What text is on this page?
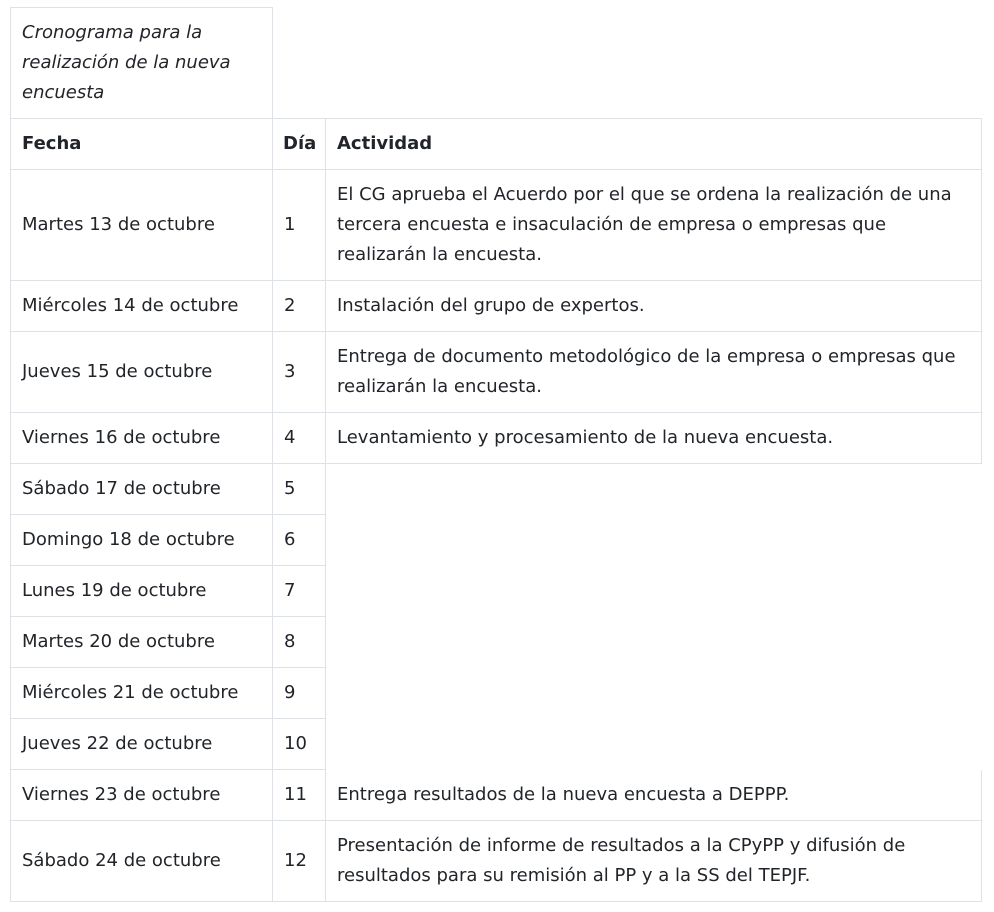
Cronograma para la realización de la nueva encuesta		

Fecha	Día	Actividad
Martes 13 de octubre	1	El CG aprueba el Acuerdo por el que se ordena la realización de una tercera encuesta e insaculación de empresa o empresas que realizarán la encuesta.
Miércoles 14 de octubre	2	Instalación del grupo de expertos.
Jueves 15 de octubre	3	Entrega de documento metodológico de la empresa o empresas que realizarán la encuesta.
Viernes 16 de octubre	4	Levantamiento y procesamiento de la nueva encuesta.
Sábado 17 de octubre	5	
Domingo 18 de octubre	6	
Lunes 19 de octubre	7	
Martes 20 de octubre	8	
Miércoles 21 de octubre	9	
Jueves 22 de octubre	10	
Viernes 23 de octubre	11	Entrega resultados de la nueva encuesta a DEPPP.
Sábado 24 de octubre	12	Presentación de informe de resultados a la CPyPP y difusión de resultados para su remisión al PP y a la SS del TEPJF.
